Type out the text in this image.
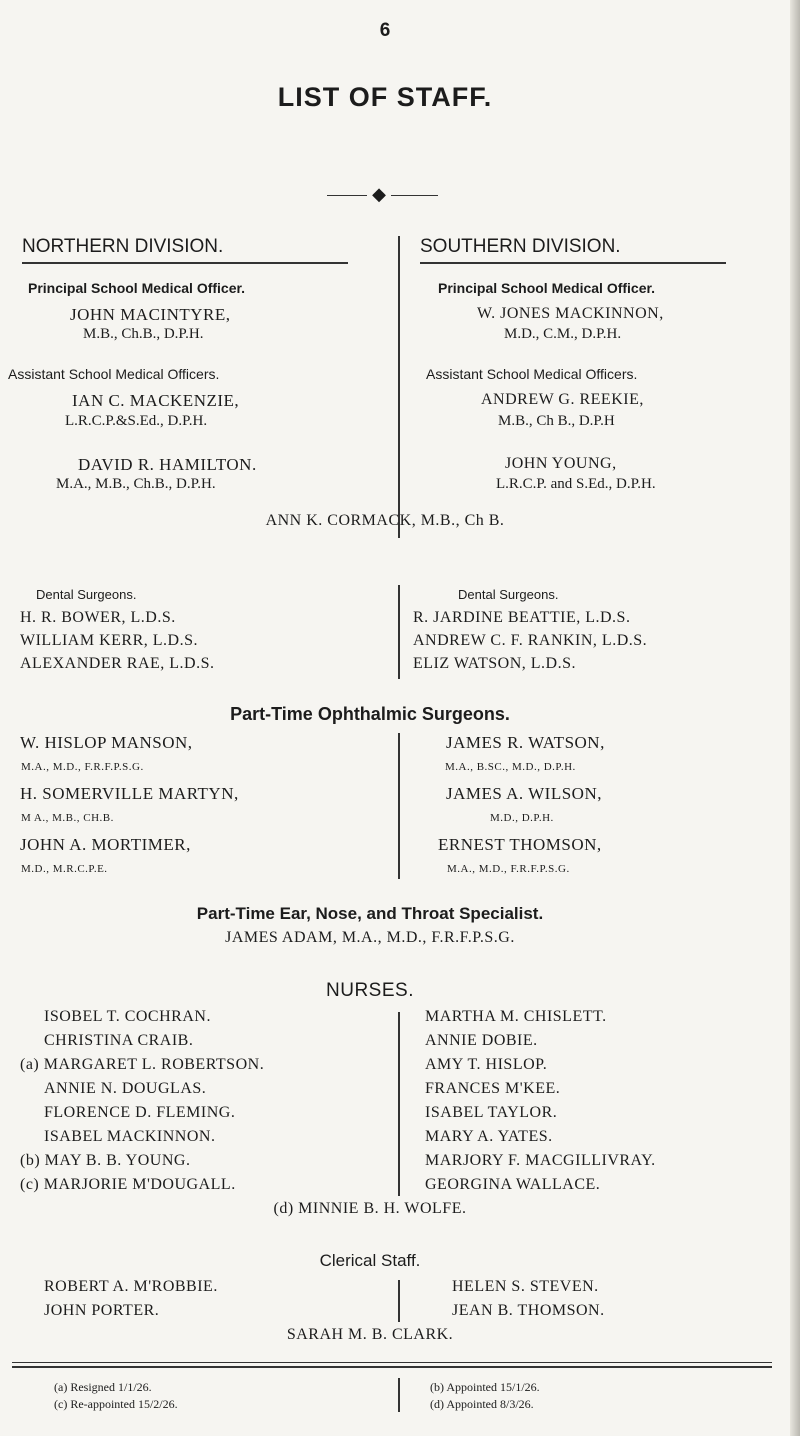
6
LIST OF STAFF.
◆
NORTHERN DIVISION.	SOUTHERN DIVISION.
Principal School Medical Officer.
JOHN MACINTYRE,
M.B., Ch.B., D.P.H.
Assistant School Medical Officers.
IAN C. MACKENZIE,
L.R.C.P.&S.Ed., D.P.H.
DAVID R. HAMILTON.
M.A., M.B., Ch.B., D.P.H.
Principal School Medical Officer.
W. JONES MACKINNON,
M.D., C.M., D.P.H.
Assistant School Medical Officers.
ANDREW G. REEKIE,
M.B., Ch B., D.P.H
JOHN YOUNG,
L.R.C.P. and S.Ed., D.P.H.
ANN K. CORMACK, M.B., Ch B.
Dental Surgeons.
H. R. BOWER, L.D.S.
WILLIAM KERR, L.D.S.
ALEXANDER RAE, L.D.S.
Dental Surgeons.
R. JARDINE BEATTIE, L.D.S.
ANDREW C. F. RANKIN, L.D.S.
ELIZ WATSON, L.D.S.
Part-Time Ophthalmic Surgeons.
W. HISLOP MANSON,
M.A., M.D., F.R.F.P.S.G.
H. SOMERVILLE MARTYN,
M A., M.B., CH.B.
JOHN A. MORTIMER,
M.D., M.R.C.P.E.
JAMES R. WATSON,
M.A., B.SC., M.D., D.P.H.
JAMES A. WILSON,
M.D., D.P.H.
ERNEST THOMSON,
M.A., M.D., F.R.F.P.S.G.
Part-Time Ear, Nose, and Throat Specialist.
JAMES ADAM, M.A., M.D., F.R.F.P.S.G.
NURSES.
ISOBEL T. COCHRAN.
CHRISTINA CRAIB.
(a) MARGARET L. ROBERTSON.
ANNIE N. DOUGLAS.
FLORENCE D. FLEMING.
ISABEL MACKINNON.
(b) MAY B. B. YOUNG.
(c) MARJORIE M'DOUGALL.
MARTHA M. CHISLETT.
ANNIE DOBIE.
AMY T. HISLOP.
FRANCES M'KEE.
ISABEL TAYLOR.
MARY A. YATES.
MARJORY F. MACGILLIVRAY.
GEORGINA WALLACE.
(d) MINNIE B. H. WOLFE.
Clerical Staff.
ROBERT A. M'ROBBIE.
JOHN PORTER.
HELEN S. STEVEN.
JEAN B. THOMSON.
SARAH M. B. CLARK.
(a) Resigned 1/1/26.
(c) Re-appointed 15/2/26.
(b) Appointed 15/1/26.
(d) Appointed 8/3/26.
